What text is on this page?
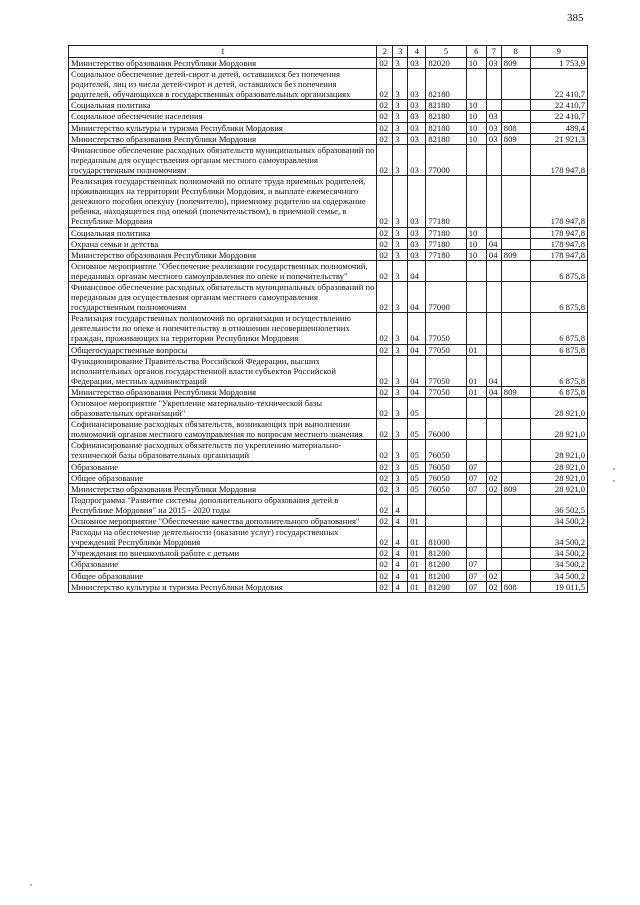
385
1	2	3	4	5	6	7	8	9
Министерство образования Республики Мордовия	02	3	03	82020	10	03	809	1 753,9
Социальное обеспечение детей-сирот и детей, оставшихся без попечения родителей, лиц из числа детей-сирот и детей, оставшихся без попечения родителей, обучающихся в государственных образовательных организациях	02	3	03	82180				22 410,7
Социальная политика	02	3	03	82180	10			22 410,7
Социальное обеспечение населения	02	3	03	82180	10	03		22 410,7
Министерство культуры и туризма Республики Мордовия	02	3	03	82180	10	03	808	489,4
Министерство образования Республики Мордовия	02	3	03	82180	10	03	809	21 921,3
Финансовое обеспечение расходных обязательств муниципальных образований по переданным для осуществления органам местного самоуправления государственным полномочиям	02	3	03	77000				178 947,8
Реализация государственных полномочий по оплате труда приемных родителей, проживающих на территории Республики Мордовия, и выплате ежемесячного денежного пособия опекуну (попечителю), приемному родителю на содержание ребенка, находящегося под опекой (попечительством), в приемной семье, в Республике Мордовия	02	3	03	77180				178 947,8
Социальная политика	02	3	03	77180	10			178 947,8
Охрана семьи и детства	02	3	03	77180	10	04		178 947,8
Министерство образования Республики Мордовия	02	3	03	77180	10	04	809	178 947,8
Основное мероприятие "Обеспечение реализации государственных полномочий, переданных органам местного самоуправления по опеке и попечительству"	02	3	04					6 875,8
Финансовое обеспечение расходных обязательств муниципальных образований по переданным для осуществления органам местного самоуправления государственным полномочиям	02	3	04	77000				6 875,8
Реализация государственных полномочий по организации и осуществлению деятельности по опеке и попечительству в отношении несовершеннолетних граждан, проживающих на территории Республики Мордовия	02	3	04	77050				6 875,8
Общегосударственные вопросы	02	3	04	77050	01			6 875,8
Функционирование Правительства Российской Федерации, высших исполнительных органов государственной власти субъектов Российской Федерации, местных администраций	02	3	04	77050	01	04		6 875,8
Министерство образования Республики Мордовия	02	3	04	77050	01	04	809	6 875,8
Основное мероприятие "Укрепление материально-технической базы образовательных организаций"	02	3	05					28 921,0
Софинансирование расходных обязательств, возникающих при выполнении полномочий органов местного самоуправления по вопросам местного значения	02	3	05	76000				28 921,0
Софинансирование расходных обязательств по укреплению материально-технической базы образовательных организаций	02	3	05	76050				28 921,0
Образование	02	3	05	76050	07			28 921,0
Общее образование	02	3	05	76050	07	02		28 921,0
Министерство образования Республики Мордовия	02	3	05	76050	07	02	809	28 921,0
Подпрограмма "Развитие системы дополнительного образования детей в Республике Мордовия" на 2015 - 2020 годы	02	4						36 502,5
Основное мероприятие "Обеспечение качества дополнительного образования"	02	4	01					34 500,2
Расходы на обеспечение деятельности (оказание услуг) государственных учреждений Республики Мордовия	02	4	01	81000				34 500,2
Учреждения по внешкольной работе с детьми	02	4	01	81200				34 500,2
Образование	02	4	01	81200	07			34 500,2
Общее образование	02	4	01	81200	07	02		34 500,2
Министерство культуры и туризма Республики Мордовия	02	4	01	81200	07	02	808	19 011,5
